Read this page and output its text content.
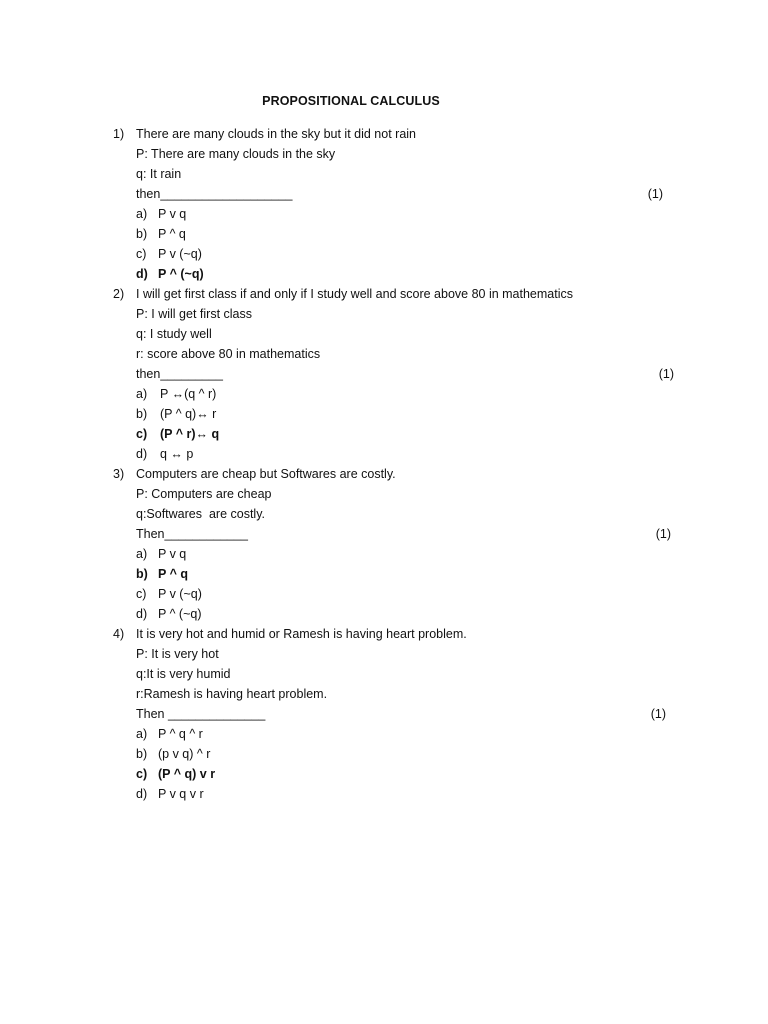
PROPOSITIONAL CALCULUS
1) There are many clouds in the sky but it did not rain
P: There are many clouds in the sky
q: It rain
then___________________	(1)
a) P v q
b) P ^ q
c) P v (~q)
d) P ^ (~q)
2) I will get first class if and only if I study well and score above 80 in mathematics
P: I will get first class
q: I study well
r: score above 80 in mathematics
then_________	(1)
a) P ↔(q ^ r)
b) (P ^ q)↔ r
c) (P ^ r)↔ q
d) q ↔ p
3) Computers are cheap but Softwares are costly.
P: Computers are cheap
q:Softwares  are costly.
Then____________	(1)
a) P v q
b) P ^ q
c) P v (~q)
d) P ^ (~q)
4) It is very hot and humid or Ramesh is having heart problem.
P: It is very hot
q:It is very humid
r:Ramesh is having heart problem.
Then ______________	(1)
a) P ^ q ^ r
b) (p v q) ^ r
c) (P ^ q) v r
d) P v q v r
